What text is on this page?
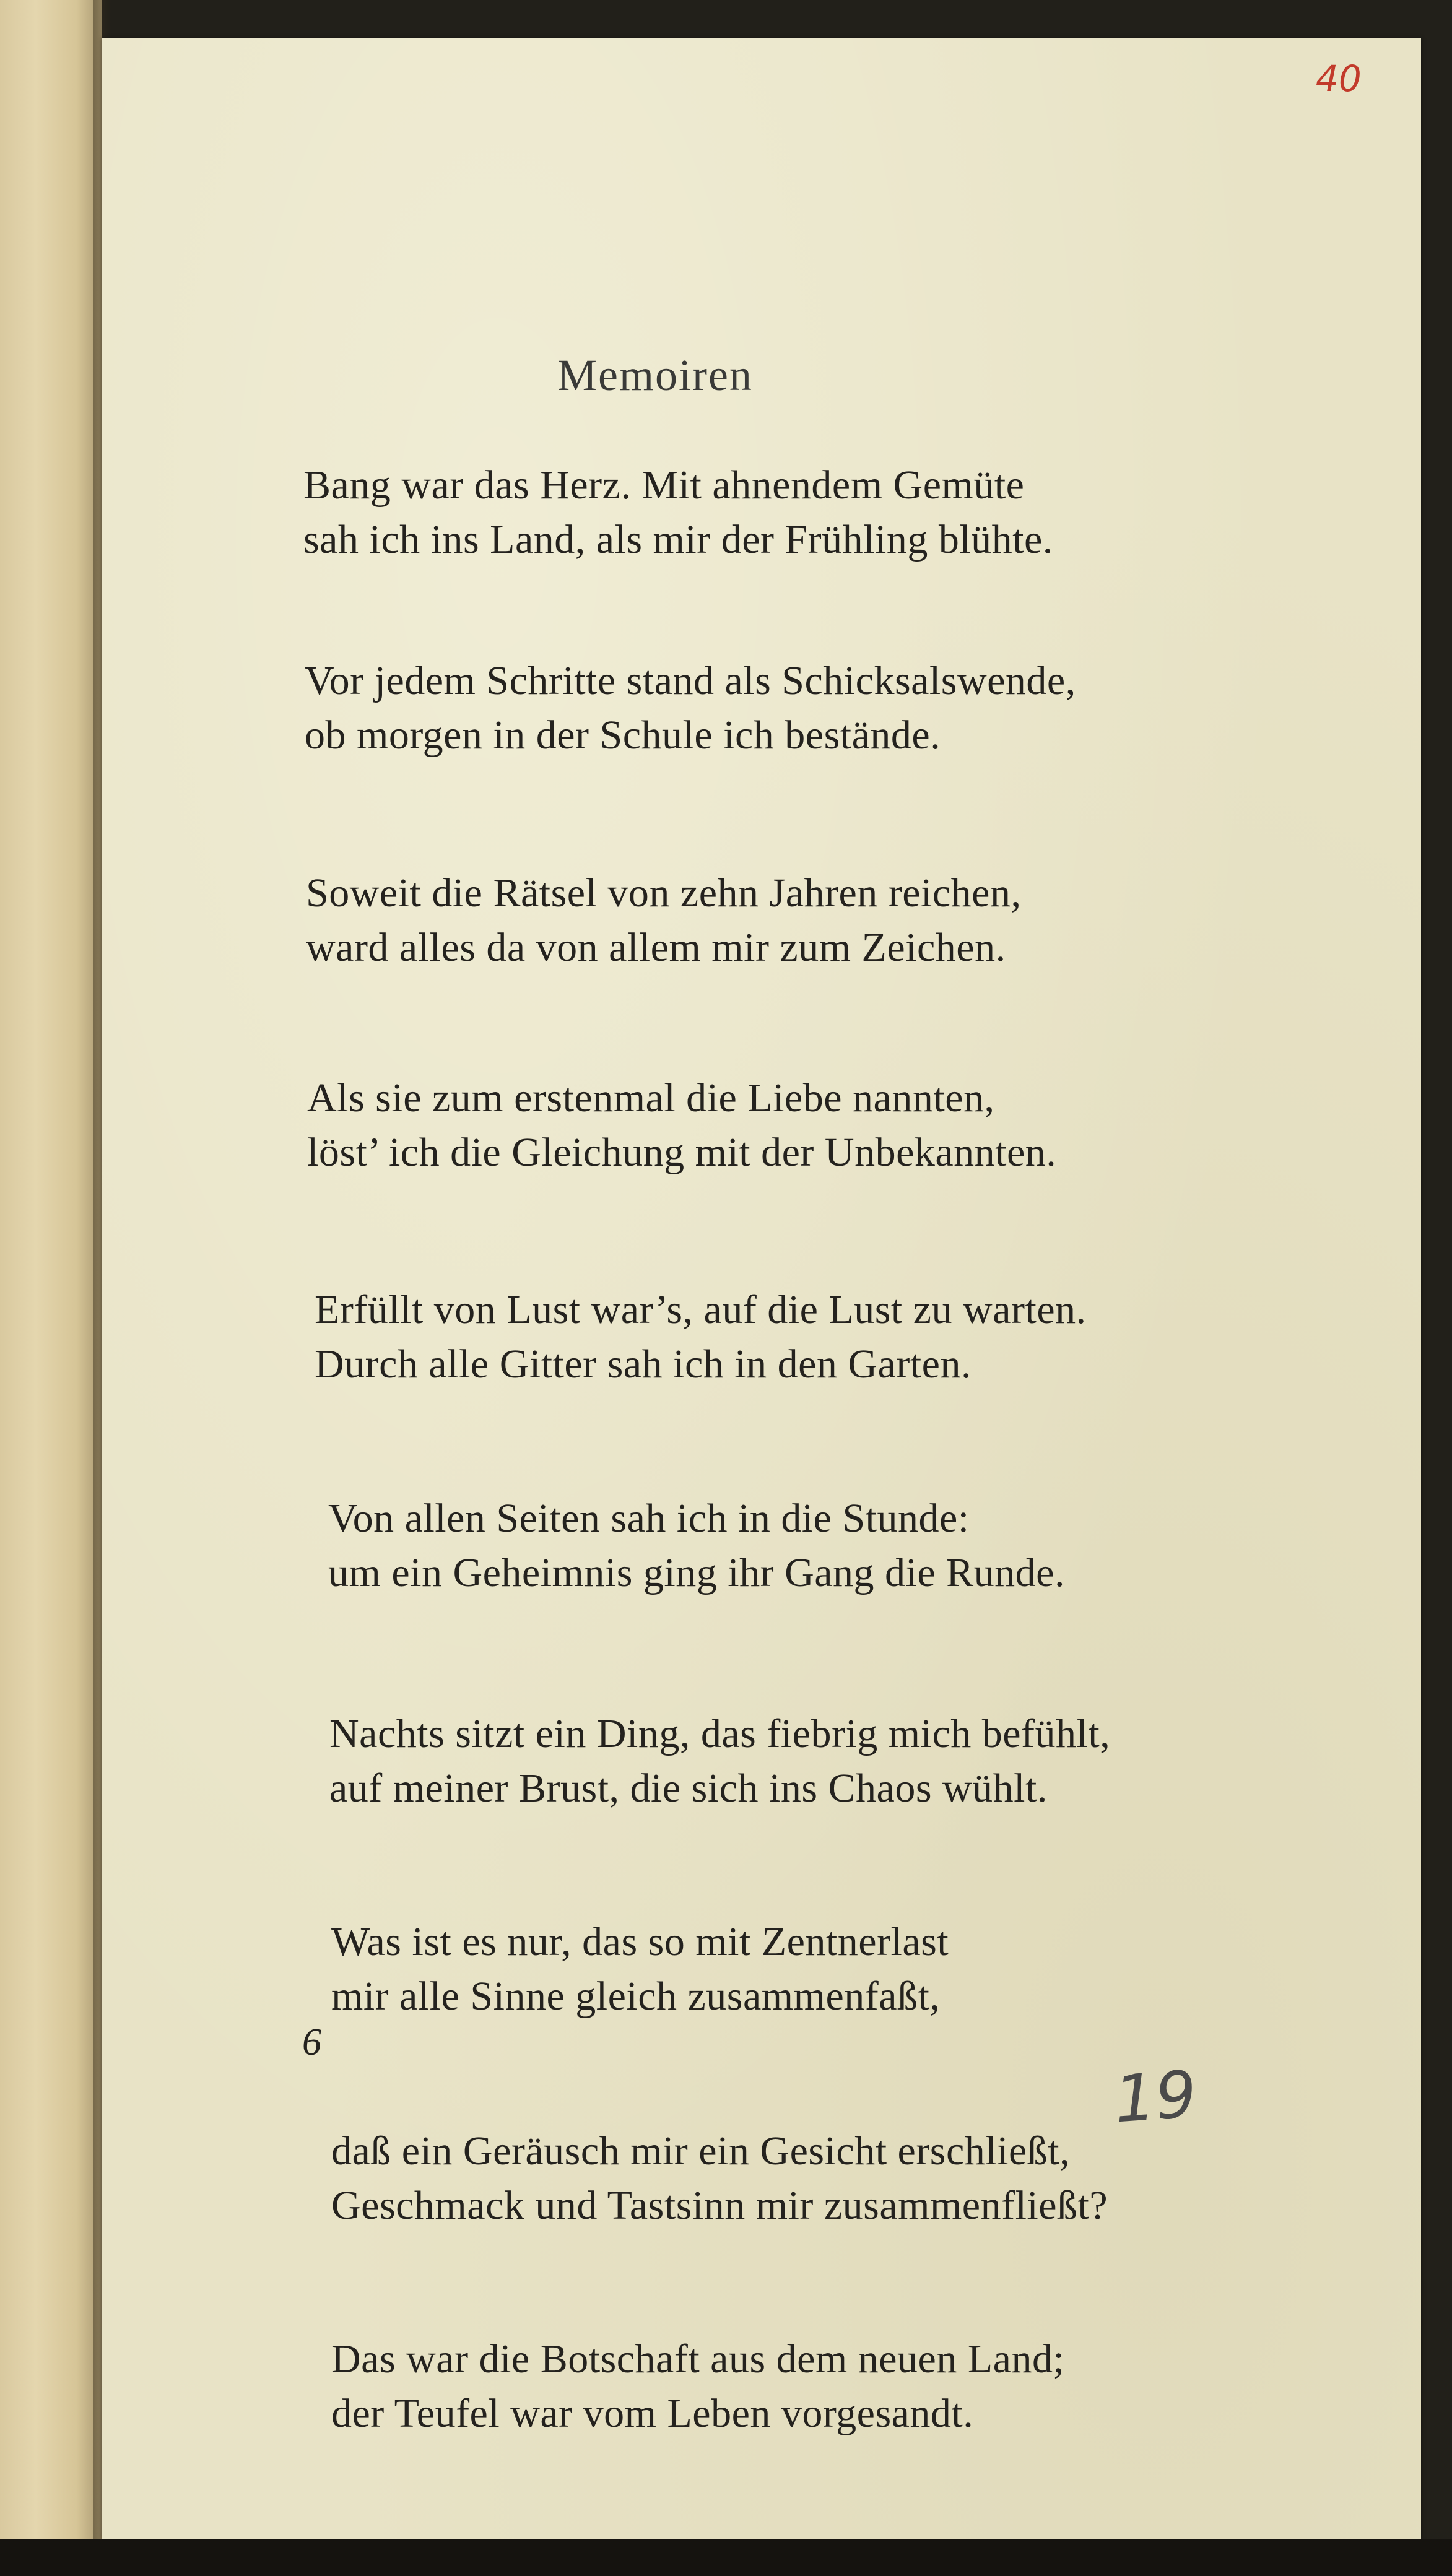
40
Memoiren
Bang war das Herz. Mit ahnendem Gemüte
sah ich ins Land, als mir der Frühling blühte.
Vor jedem Schritte stand als Schicksalswende,
ob morgen in der Schule ich bestände.
Soweit die Rätsel von zehn Jahren reichen,
ward alles da von allem mir zum Zeichen.
Als sie zum erstenmal die Liebe nannten,
löst’ ich die Gleichung mit der Unbekannten.
Erfüllt von Lust war’s, auf die Lust zu warten.
Durch alle Gitter sah ich in den Garten.
Von allen Seiten sah ich in die Stunde:
um ein Geheimnis ging ihr Gang die Runde.
Nachts sitzt ein Ding, das fiebrig mich befühlt,
auf meiner Brust, die sich ins Chaos wühlt.
Was ist es nur, das so mit Zentnerlast
mir alle Sinne gleich zusammenfaßt,
daß ein Geräusch mir ein Gesicht erschließt,
Geschmack und Tastsinn mir zusammenfließt?
Das war die Botschaft aus dem neuen Land;
der Teufel war vom Leben vorgesandt.
6
19
